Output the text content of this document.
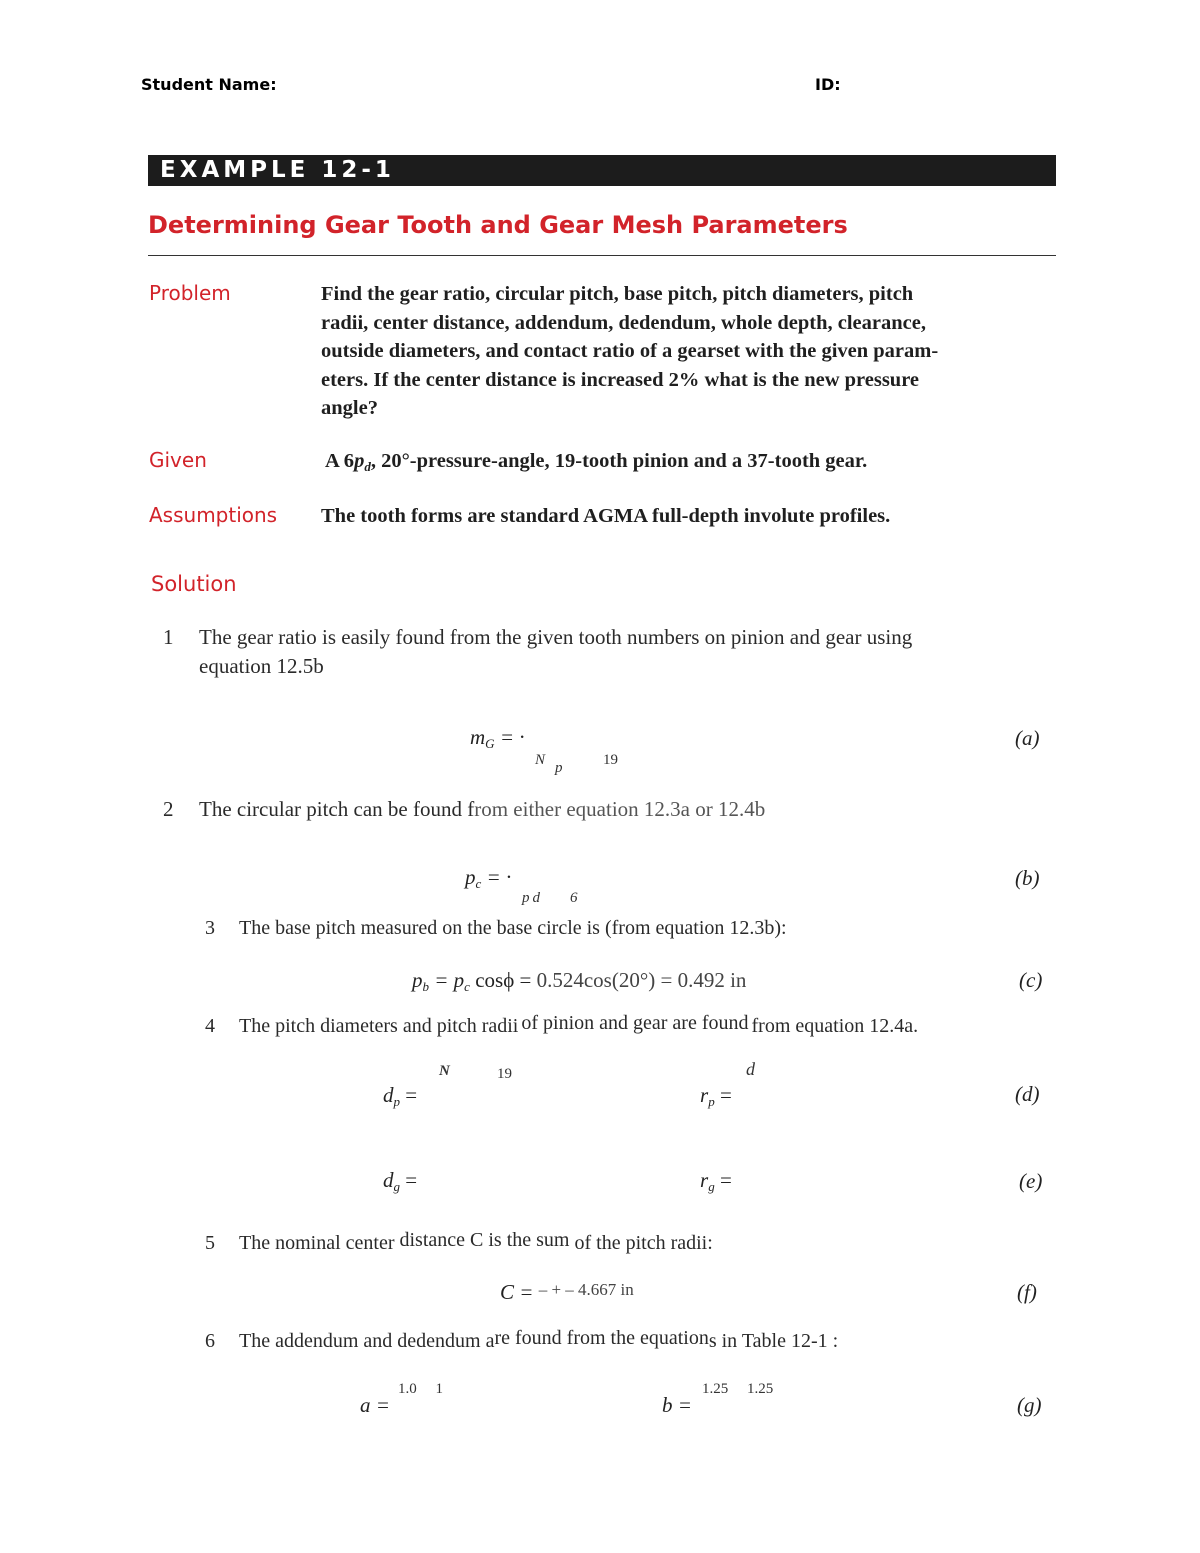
Student Name:	ID:
EXAMPLE 12-1
Determining Gear Tooth and Gear Mesh Parameters
Problem	Find the gear ratio, circular pitch, base pitch, pitch diameters, pitch
radii, center distance, addendum, dedendum, whole depth, clearance,
outside diameters, and contact ratio of a gearset with the given param-
eters. If the center distance is increased 2% what is the new pressure
angle?
Given	A $6p_d$, 20°-pressure-angle, 19-tooth pinion and a 37-tooth gear.
Assumptions The tooth forms are standard AGMA full-depth involute profiles.
Solution
1	The gear ratio is easily found from the given tooth numbers on pinion and gear using
equation 12.5b
$m_G$ = ·
N p	19
(a)
2	The circular pitch can be found from either equation 12.3a or 12.4b
$p_c$ = ·
p d        6
(b)
3	The base pitch measured on the base circle is (from equation 12.3b):
$p_b = p_c$ cosϕ = 0.524cos(20°) = 0.492 in	(c)
4	The pitch diameters and pitch radii of pinion and gear are found from equation 12.4a.
N	19
$d_p$ =
d
$r_p$ =	(d)
$d_g$ =	$r_g$ =	(e)
5	The nominal center distance C is the sum of the pitch radii:
C = – + – 4.667 in	(f)
6	The addendum and dedendum are found from the equations in Table 12-1 :
1.0     1
a =
1.25     1.25
b =	(g)
